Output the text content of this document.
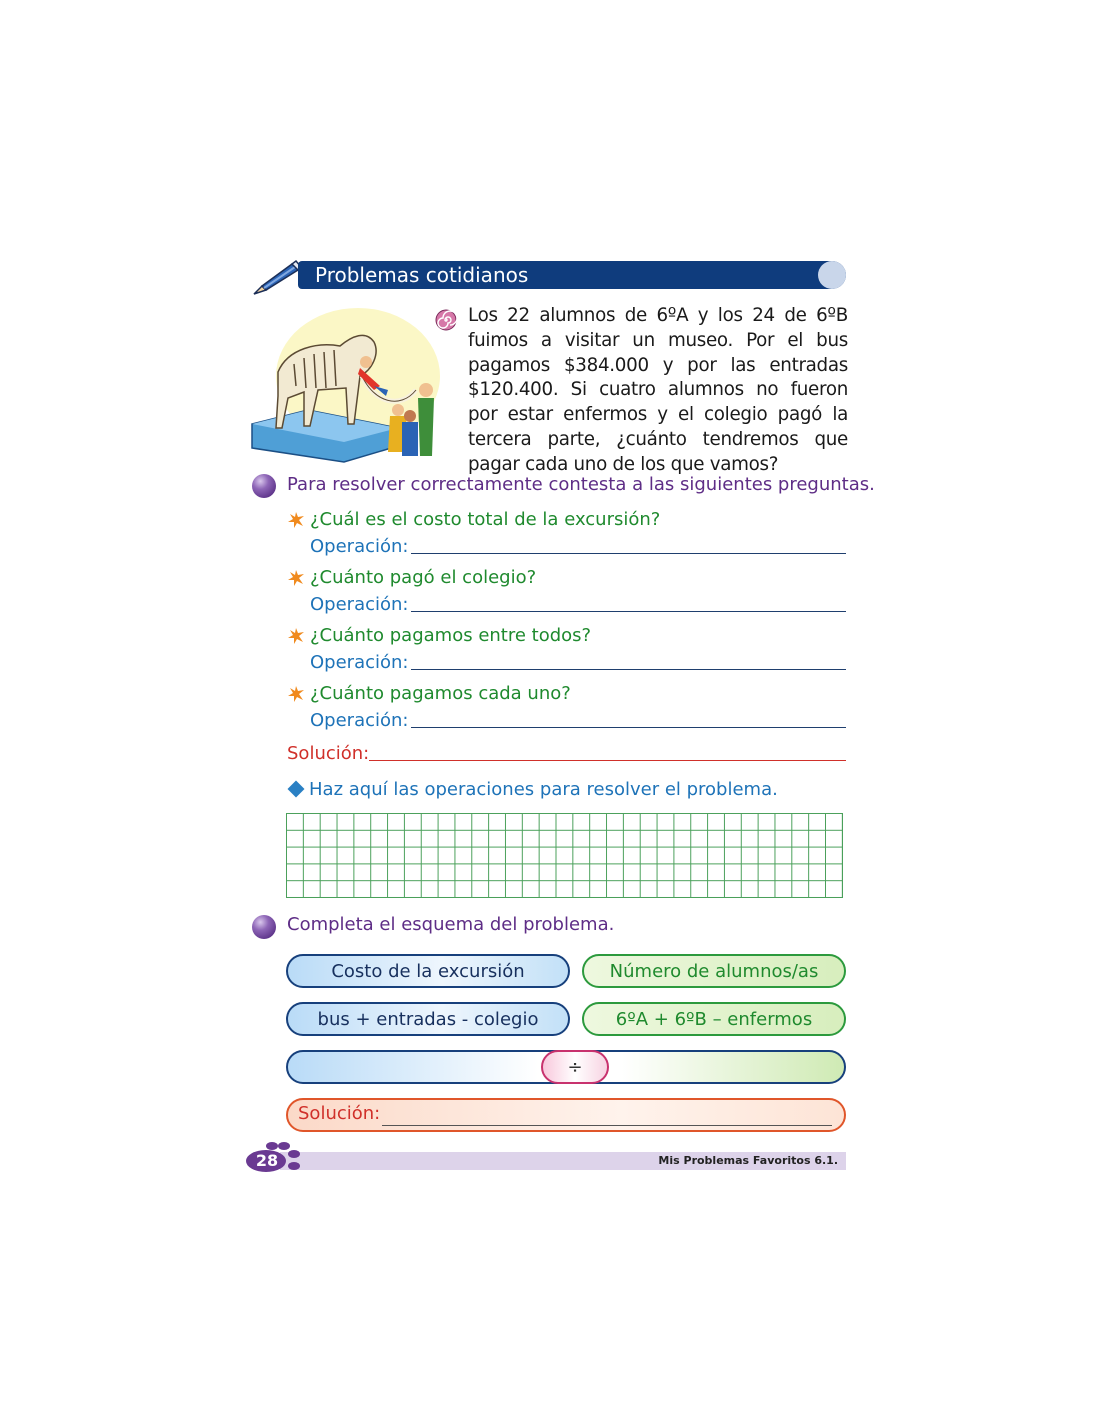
Problemas cotidianos
Los 22 alumnos de 6ºA y los 24 de 6ºB fuimos a visitar un museo. Por el bus pagamos $384.000 y por las entradas $120.400. Si cuatro alumnos no fueron por estar enfermos y el colegio pagó la tercera parte, ¿cuánto tendremos que pagar cada uno de los que vamos?
Para resolver correctamente contesta a las siguientes preguntas.
¿Cuál es el costo total de la excursión?
Operación:
¿Cuánto pagó el colegio?
Operación:
¿Cuánto pagamos entre todos?
Operación:
¿Cuánto pagamos cada uno?
Operación:
Solución:
Haz aquí las operaciones para resolver el problema.
Completa el esquema del problema.
Costo de la excursión	Número de alumnos/as
bus + entradas - colegio	6ºA + 6ºB – enfermos
÷
Solución:
28	Mis Problemas Favoritos 6.1.
